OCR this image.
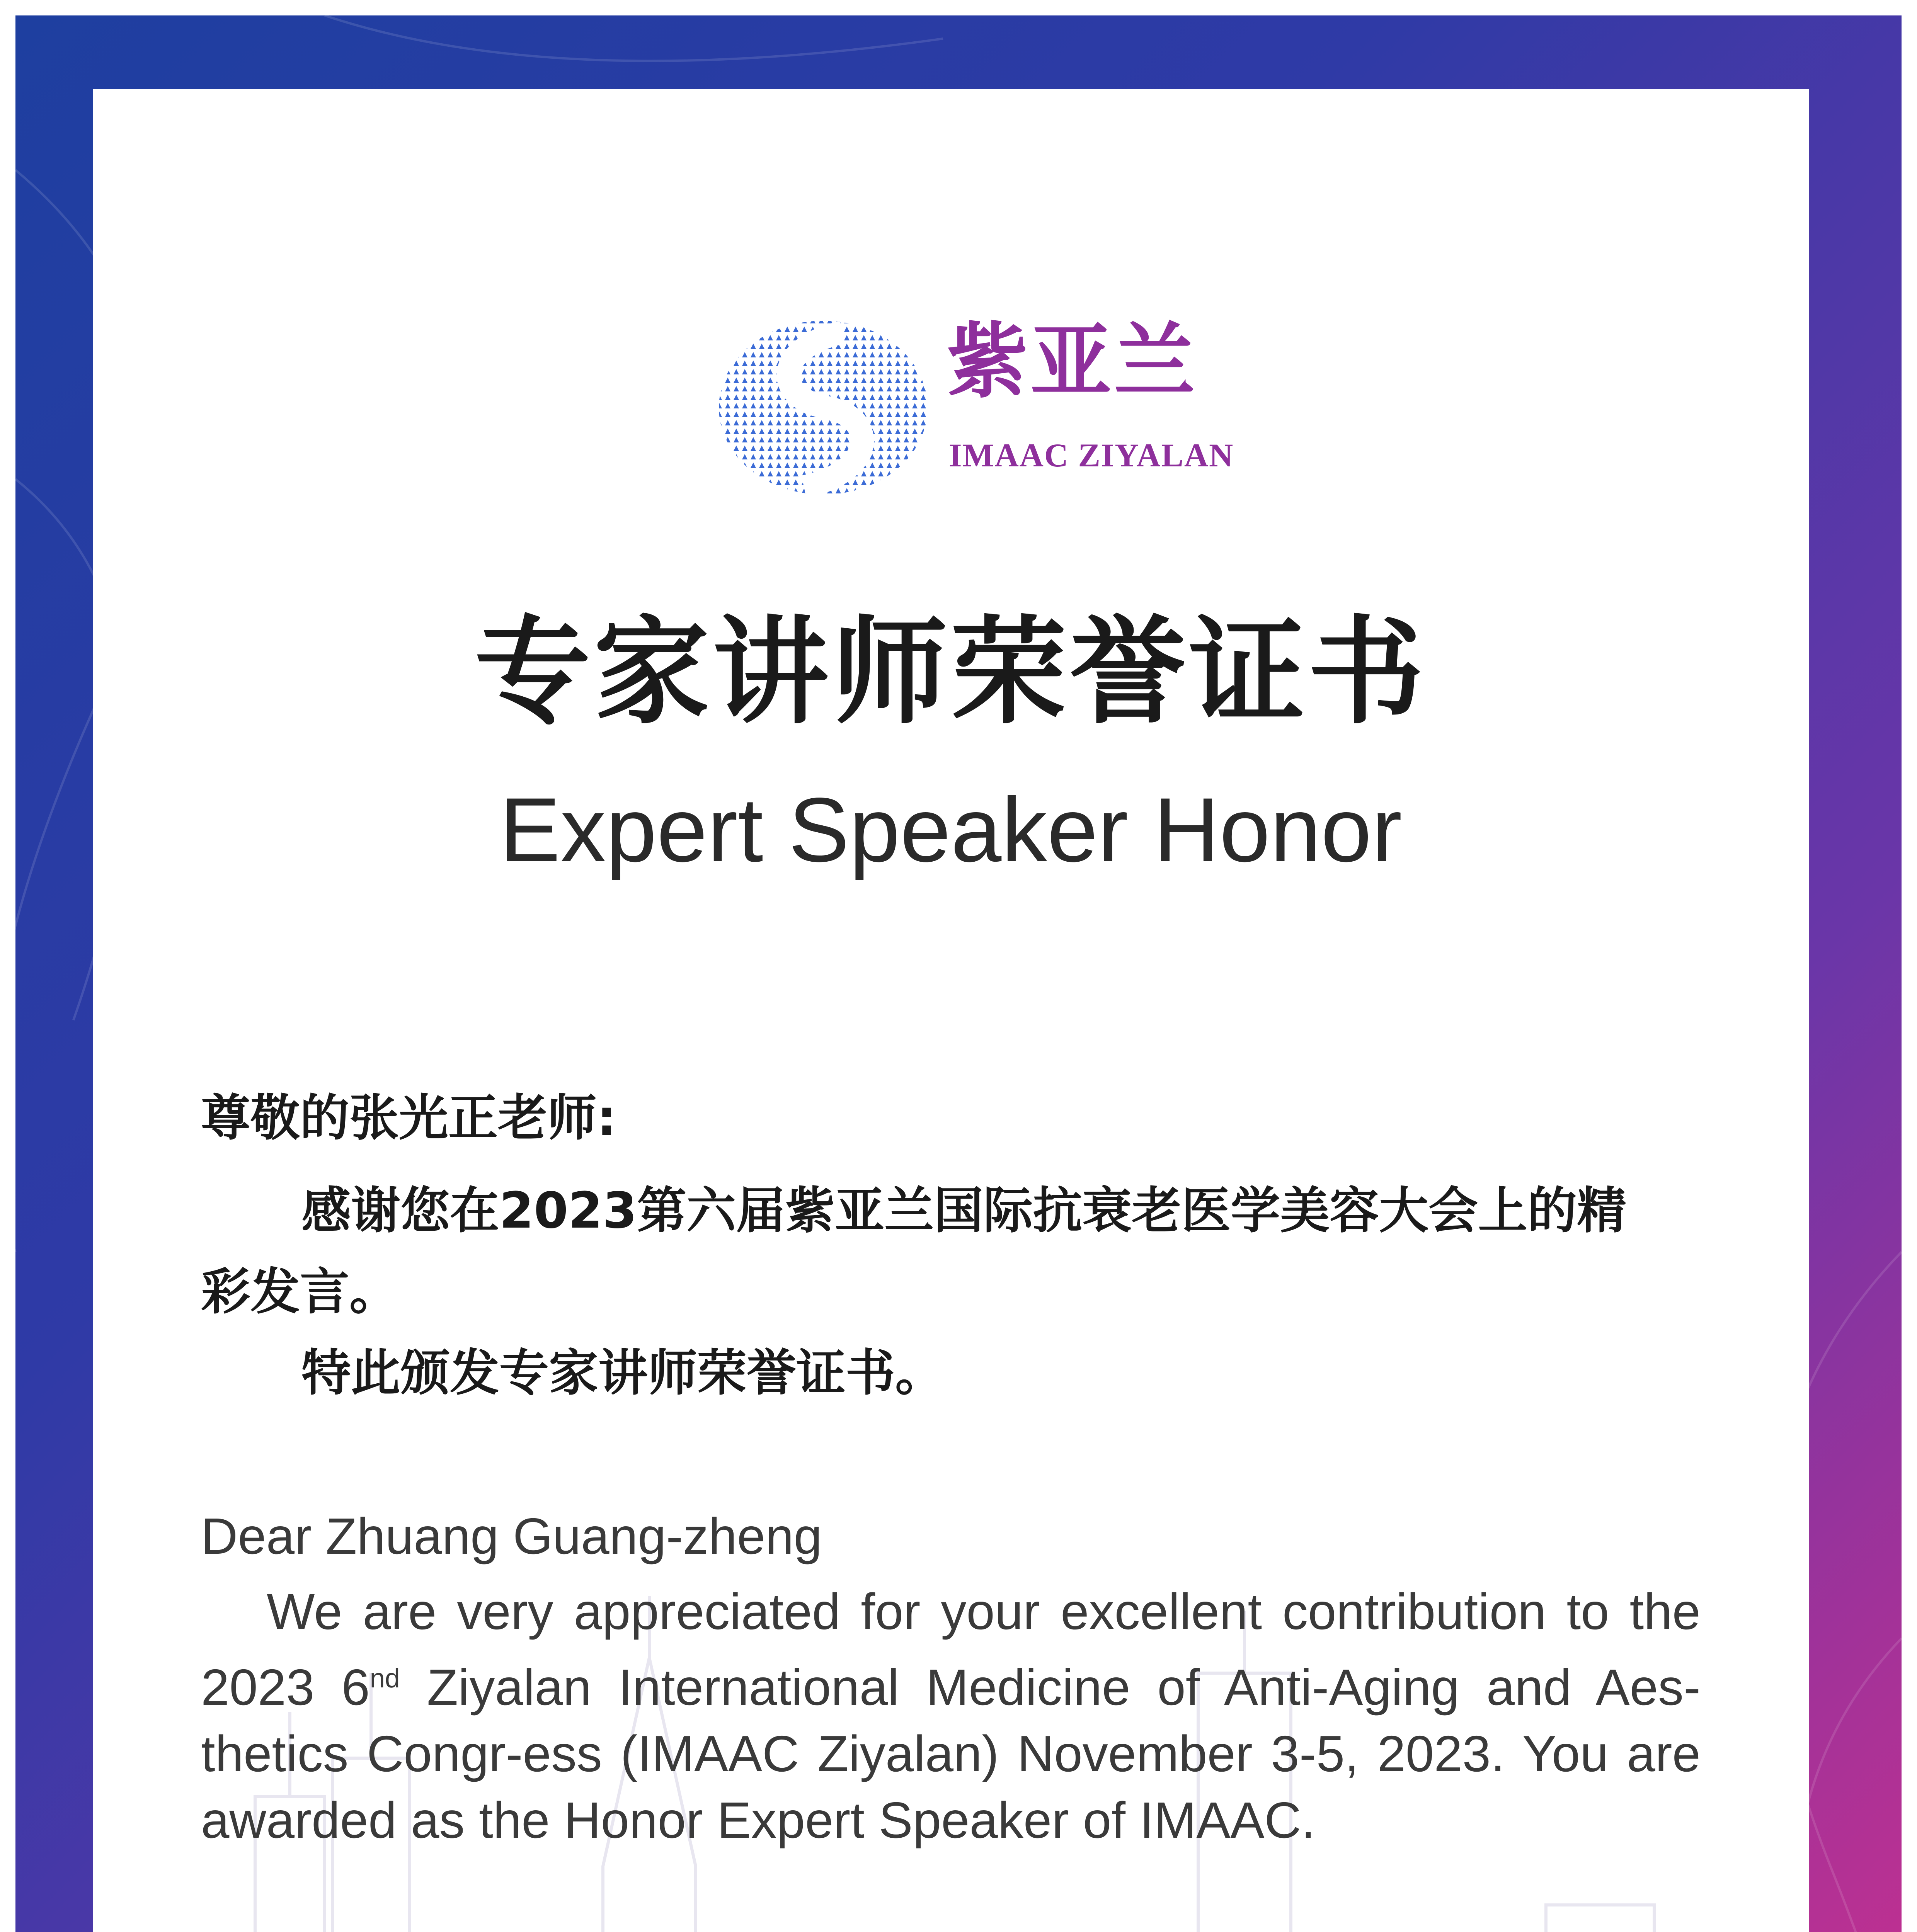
紫亚兰
IMAAC ZIYALAN
专家讲师荣誉证书
Expert Speaker Honor
尊敬的张光正老师:
感谢您在2023第六届紫亚兰国际抗衰老医学美容大会上的精
彩发言。
特此颁发专家讲师荣誉证书。
Dear Zhuang Guang-zheng
We are very appreciated for your excellent contribution to the 2023 6nd Ziyalan International Medicine of Anti-Aging and Aes-thetics Congr-ess (IMAAC Ziyalan) November 3-5, 2023. You are awarded as the Honor Expert Speaker of IMAAC.
